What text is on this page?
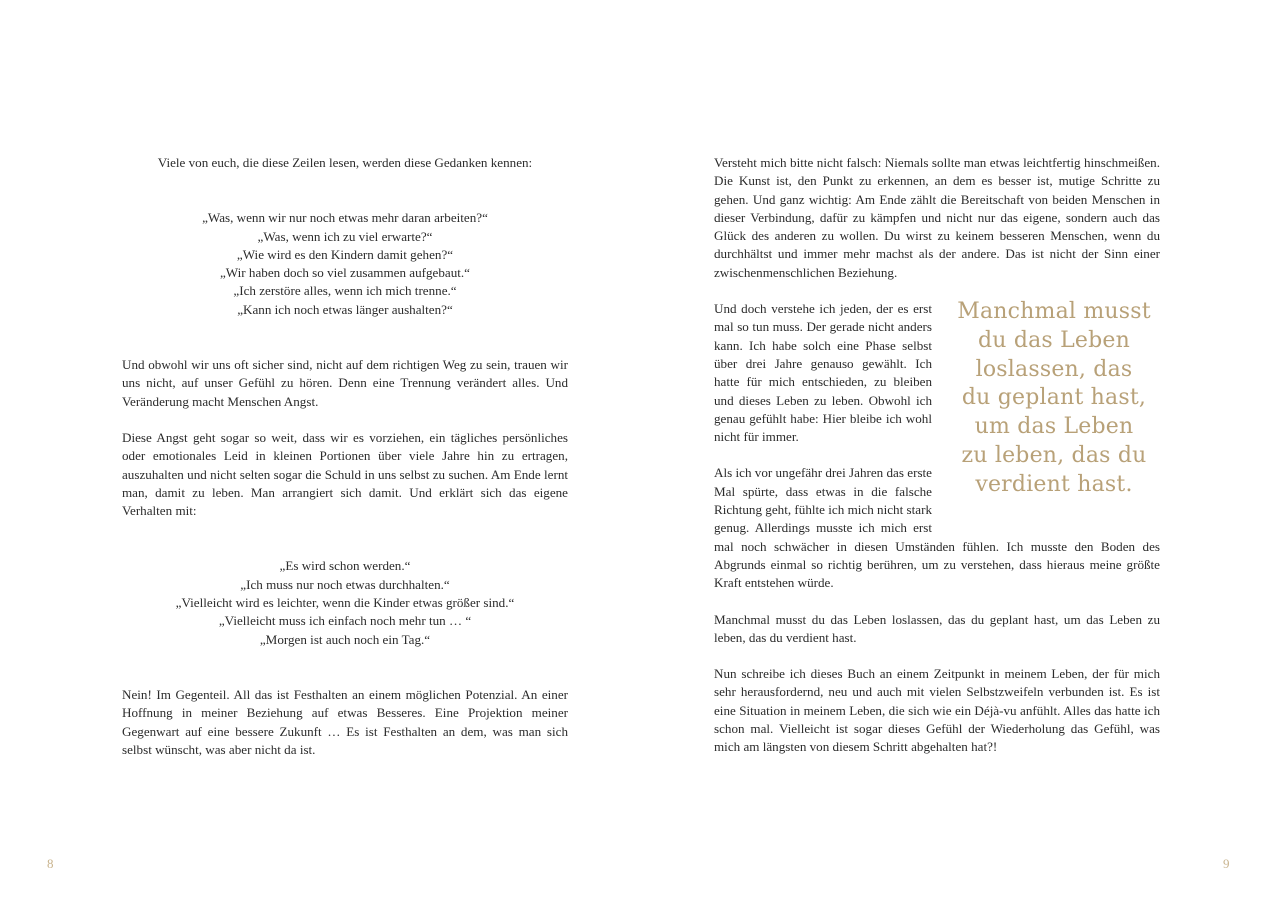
Viele von euch, die diese Zeilen lesen, werden diese Gedanken kennen:

„Was, wenn wir nur noch etwas mehr daran arbeiten?“
„Was, wenn ich zu viel erwarte?“
„Wie wird es den Kindern damit gehen?“
„Wir haben doch so viel zusammen aufgebaut.“
„Ich zerstöre alles, wenn ich mich trenne.“
„Kann ich noch etwas länger aushalten?“

Und obwohl wir uns oft sicher sind, nicht auf dem richtigen Weg zu sein, trauen wir uns nicht, auf unser Gefühl zu hören. Denn eine Trennung verändert alles. Und Veränderung macht Menschen Angst.

Diese Angst geht sogar so weit, dass wir es vorziehen, ein tägliches persönliches oder emotionales Leid in kleinen Portionen über viele Jahre hin zu ertragen, auszuhalten und nicht selten sogar die Schuld in uns selbst zu suchen. Am Ende lernt man, damit zu leben. Man arrangiert sich damit. Und erklärt sich das eigene Verhalten mit:

„Es wird schon werden.“
„Ich muss nur noch etwas durchhalten.“
„Vielleicht wird es leichter, wenn die Kinder etwas größer sind.“
„Vielleicht muss ich einfach noch mehr tun … “
„Morgen ist auch noch ein Tag.“

Nein! Im Gegenteil. All das ist Festhalten an einem möglichen Potenzial. An einer Hoffnung in meiner Beziehung auf etwas Besseres. Eine Projektion meiner Gegenwart auf eine bessere Zukunft … Es ist Festhalten an dem, was man sich selbst wünscht, was aber nicht da ist.

8

Versteht mich bitte nicht falsch: Niemals sollte man etwas leichtfertig hinschmeißen. Die Kunst ist, den Punkt zu erkennen, an dem es besser ist, mutige Schritte zu gehen. Und ganz wichtig: Am Ende zählt die Bereitschaft von beiden Menschen in dieser Verbindung, dafür zu kämpfen und nicht nur das eigene, sondern auch das Glück des anderen zu wollen. Du wirst zu keinem besseren Menschen, wenn du durchhältst und immer mehr machst als der andere. Das ist nicht der Sinn einer zwischenmenschlichen Beziehung.

Manchmal musst
du das Leben
loslassen, das
du geplant hast,
um das Leben
zu leben, das du
verdient hast.

Und doch verstehe ich jeden, der es erst mal so tun muss. Der gerade nicht anders kann. Ich habe solch eine Phase selbst über drei Jahre genauso gewählt. Ich hatte für mich entschieden, zu bleiben und dieses Leben zu leben. Obwohl ich genau gefühlt habe: Hier bleibe ich wohl nicht für immer.

Als ich vor ungefähr drei Jahren das erste Mal spürte, dass etwas in die falsche Richtung geht, fühlte ich mich nicht stark genug. Allerdings musste ich mich erst mal noch schwächer in diesen Umständen fühlen. Ich musste den Boden des Abgrunds einmal so richtig berühren, um zu verstehen, dass hieraus meine größte Kraft entstehen würde.

Manchmal musst du das Leben loslassen, das du geplant hast, um das Leben zu leben, das du verdient hast.

Nun schreibe ich dieses Buch an einem Zeitpunkt in meinem Leben, der für mich sehr herausfordernd, neu und auch mit vielen Selbstzweifeln verbunden ist. Es ist eine Situation in meinem Leben, die sich wie ein Déjà-vu anfühlt. Alles das hatte ich schon mal. Vielleicht ist sogar dieses Gefühl der Wiederholung das Gefühl, was mich am längsten von diesem Schritt abgehalten hat?!

9
